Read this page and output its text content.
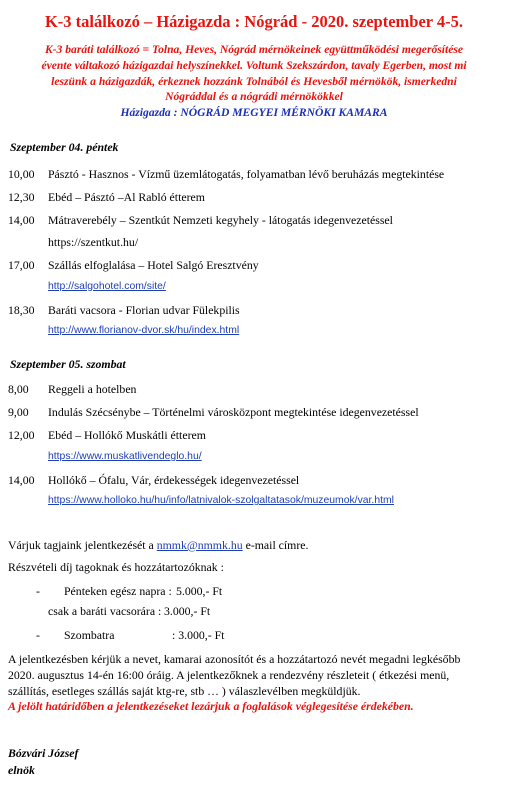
K-3 találkozó – Házigazda : Nógrád - 2020. szeptember 4-5.
K-3 baráti találkozó = Tolna, Heves, Nógrád mérnökeinek együttműködési megerősítése
évente váltakozó házigazdai helyszínekkel. Voltunk Szekszárdon, tavaly Egerben, most mi
leszünk a házigazdák, érkeznek hozzánk Tolnából és Hevesből mérnökök, ismerkedni
Nógráddal és a nógrádi mérnökökkel
Házigazda : NÓGRÁD MEGYEI MÉRNÖKI KAMARA
Szeptember 04. péntek
10,00 Pásztó - Hasznos - Vízmű üzemlátogatás, folyamatban lévő beruházás megtekintése
12,30 Ebéd – Pásztó –Al Rabló étterem
14,00 Mátraverebély – Szentkút Nemzeti kegyhely - látogatás idegenvezetéssel
https://szentkut.hu/
17,00 Szállás elfoglalása – Hotel Salgó Eresztvény
http://salgohotel.com/site/
18,30 Baráti vacsora - Florian udvar Fülekpilis
http://www.florianov-dvor.sk/hu/index.html
Szeptember 05. szombat
8,00 Reggeli a hotelben
9,00 Indulás Szécsénybe – Történelmi városközpont megtekintése idegenvezetéssel
12,00 Ebéd – Hollókő Muskátli étterem
https://www.muskatlivendeglo.hu/
14,00 Hollókő – Ófalu, Vár, érdekességek idegenvezetéssel
https://www.holloko.hu/hu/info/latnivalok-szolgaltatasok/muzeumok/var.html
Várjuk tagjaink jelentkezését a nmmk@nmmk.hu e-mail címre.
Részvételi díj tagoknak és hozzátartozóknak :
- Pénteken egész napra : 5.000,- Ft
csak a baráti vacsorára : 3.000,- Ft
- Szombatra	: 3.000,- Ft
A jelentkezésben kérjük a nevet, kamarai azonosítót és a hozzátartozó nevét megadni legkésőbb
2020. augusztus 14-én 16:00 óráig. A jelentkezőknek a rendezvény részleteit ( étkezési menü,
szállítás, esetleges szállás saját ktg-re, stb … ) válaszlevélben megküldjük.
A jelölt határidőben a jelentkezéseket lezárjuk a foglalások véglegesítése érdekében.
Bózvári József
elnök
